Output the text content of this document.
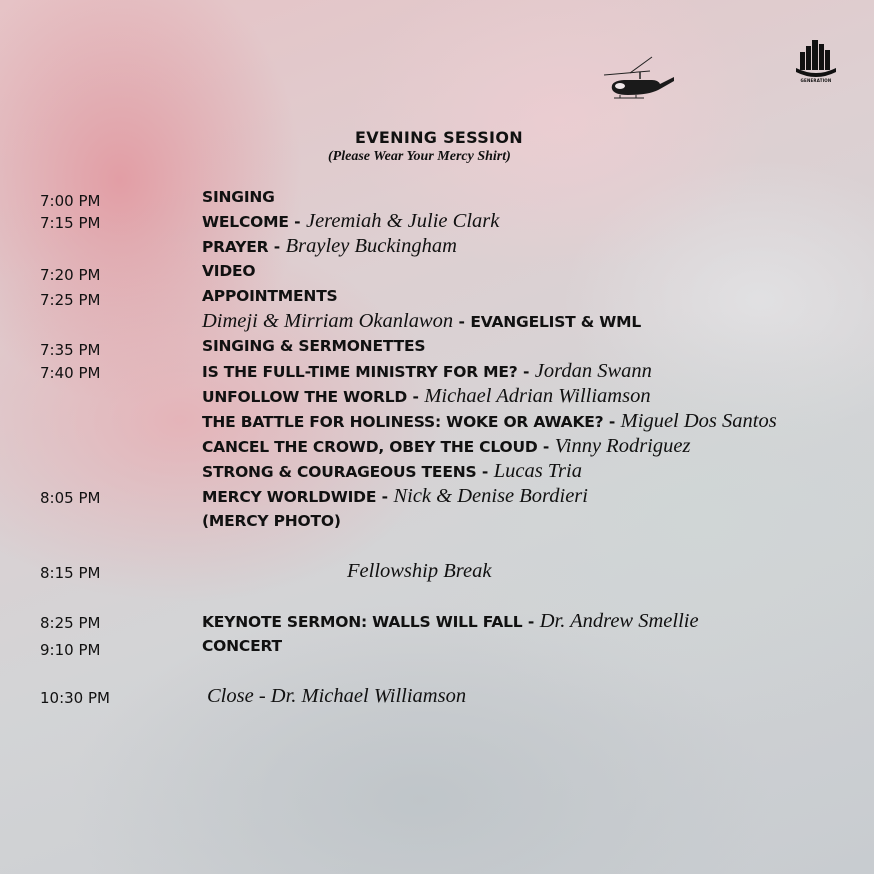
GENERATION
EVENING SESSION
(Please Wear Your Mercy Shirt)
7:00 PM	SINGING
7:15 PM	WELCOME - Jeremiah & Julie Clark
PRAYER - Brayley Buckingham
7:20 PM	VIDEO
7:25 PM	APPOINTMENTS
Dimeji & Mirriam Okanlawon - EVANGELIST & WML
7:35 PM	SINGING & SERMONETTES
7:40 PM	IS THE FULL-TIME MINISTRY FOR ME? - Jordan Swann
UNFOLLOW THE WORLD - Michael Adrian Williamson
THE BATTLE FOR HOLINESS: WOKE OR AWAKE? - Miguel Dos Santos
CANCEL THE CROWD, OBEY THE CLOUD - Vinny Rodriguez
STRONG & COURAGEOUS TEENS - Lucas Tria
8:05 PM	MERCY WORLDWIDE - Nick & Denise Bordieri
(MERCY PHOTO)
8:15 PM	Fellowship Break
8:25 PM	KEYNOTE SERMON: WALLS WILL FALL - Dr. Andrew Smellie
9:10 PM	CONCERT
10:30 PM	Close - Dr. Michael Williamson
